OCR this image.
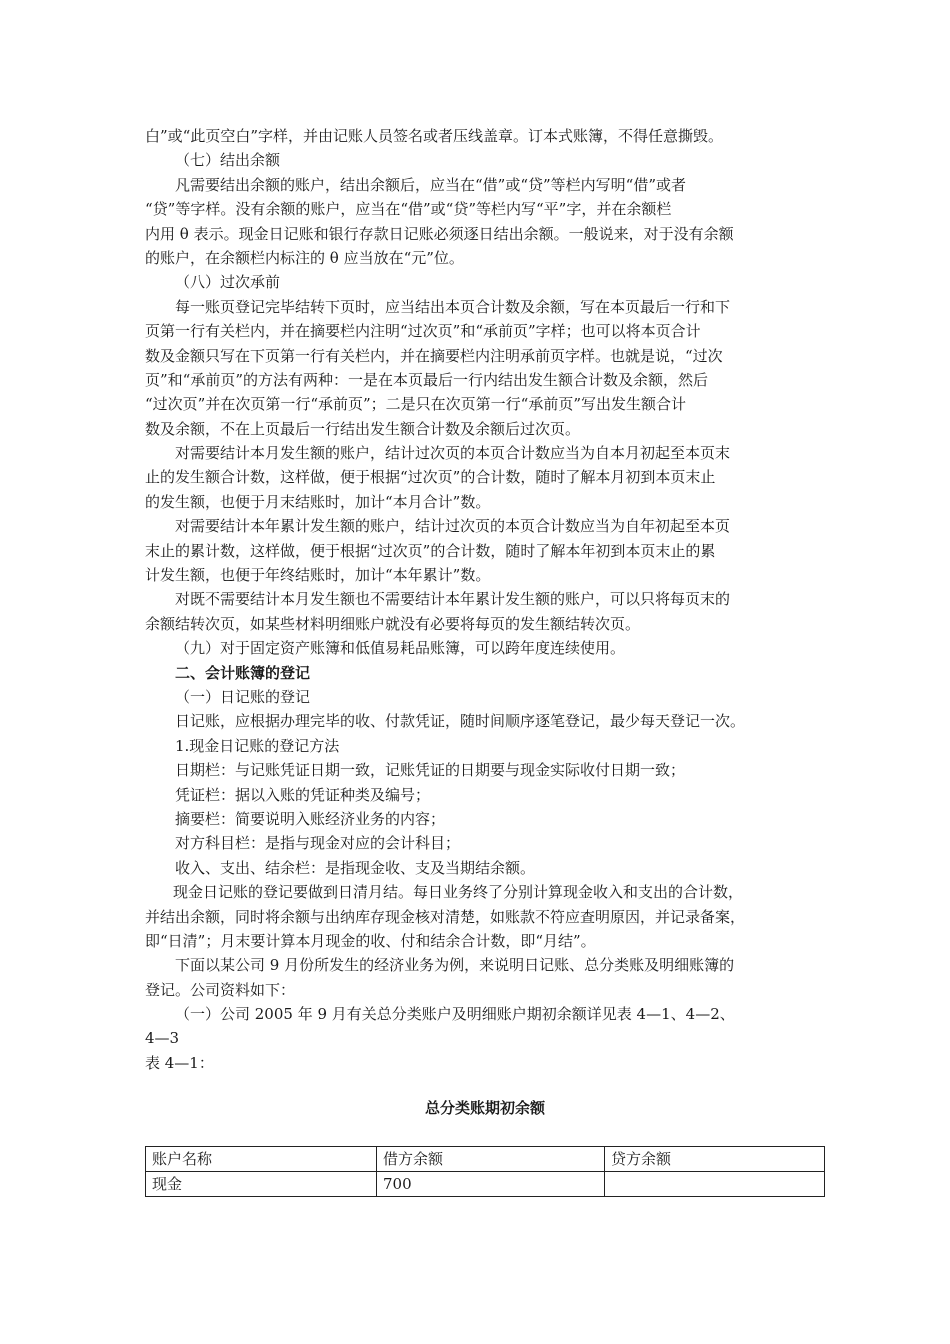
白”或“此页空白”字样，并由记账人员签名或者压线盖章。订本式账簿，不得任意撕毁。
（七）结出余额
凡需要结出余额的账户，结出余额后，应当在“借”或“贷”等栏内写明“借”或者
“贷”等字样。没有余额的账户，应当在“借”或“贷”等栏内写“平”字，并在余额栏
内用 θ 表示。现金日记账和银行存款日记账必须逐日结出余额。一般说来，对于没有余额
的账户，在余额栏内标注的 θ 应当放在“元”位。
（八）过次承前
每一账页登记完毕结转下页时，应当结出本页合计数及余额，写在本页最后一行和下
页第一行有关栏内，并在摘要栏内注明“过次页”和“承前页”字样；也可以将本页合计
数及金额只写在下页第一行有关栏内，并在摘要栏内注明承前页字样。也就是说，“过次
页”和“承前页”的方法有两种：一是在本页最后一行内结出发生额合计数及余额，然后
“过次页”并在次页第一行“承前页”；二是只在次页第一行“承前页”写出发生额合计
数及余额，不在上页最后一行结出发生额合计数及余额后过次页。
对需要结计本月发生额的账户，结计过次页的本页合计数应当为自本月初起至本页末
止的发生额合计数，这样做，便于根据“过次页”的合计数，随时了解本月初到本页末止
的发生额，也便于月末结账时，加计“本月合计”数。
对需要结计本年累计发生额的账户，结计过次页的本页合计数应当为自年初起至本页
末止的累计数，这样做，便于根据“过次页”的合计数，随时了解本年初到本页末止的累
计发生额，也便于年终结账时，加计“本年累计”数。
对既不需要结计本月发生额也不需要结计本年累计发生额的账户，可以只将每页末的
余额结转次页，如某些材料明细账户就没有必要将每页的发生额结转次页。
（九）对于固定资产账簿和低值易耗品账簿，可以跨年度连续使用。
二、会计账簿的登记
（一）日记账的登记
日记账，应根据办理完毕的收、付款凭证，随时间顺序逐笔登记，最少每天登记一次。
1.现金日记账的登记方法
日期栏：与记账凭证日期一致，记账凭证的日期要与现金实际收付日期一致；
凭证栏：据以入账的凭证种类及编号；
摘要栏：简要说明入账经济业务的内容；
对方科目栏：是指与现金对应的会计科目；
收入、支出、结余栏：是指现金收、支及当期结余额。
现金日记账的登记要做到日清月结。每日业务终了分别计算现金收入和支出的合计数，
并结出余额，同时将余额与出纳库存现金核对清楚，如账款不符应查明原因，并记录备案，
即“日清”；月末要计算本月现金的收、付和结余合计数，即“月结”。
下面以某公司 9 月份所发生的经济业务为例，来说明日记账、总分类账及明细账簿的
登记。公司资料如下：
（一）公司 2005 年 9 月有关总分类账户及明细账户期初余额详见表 4—1、4—2、
4—3
表 4—1：
总分类账期初余额
账户名称	借方余额	贷方余额
现金	700	
